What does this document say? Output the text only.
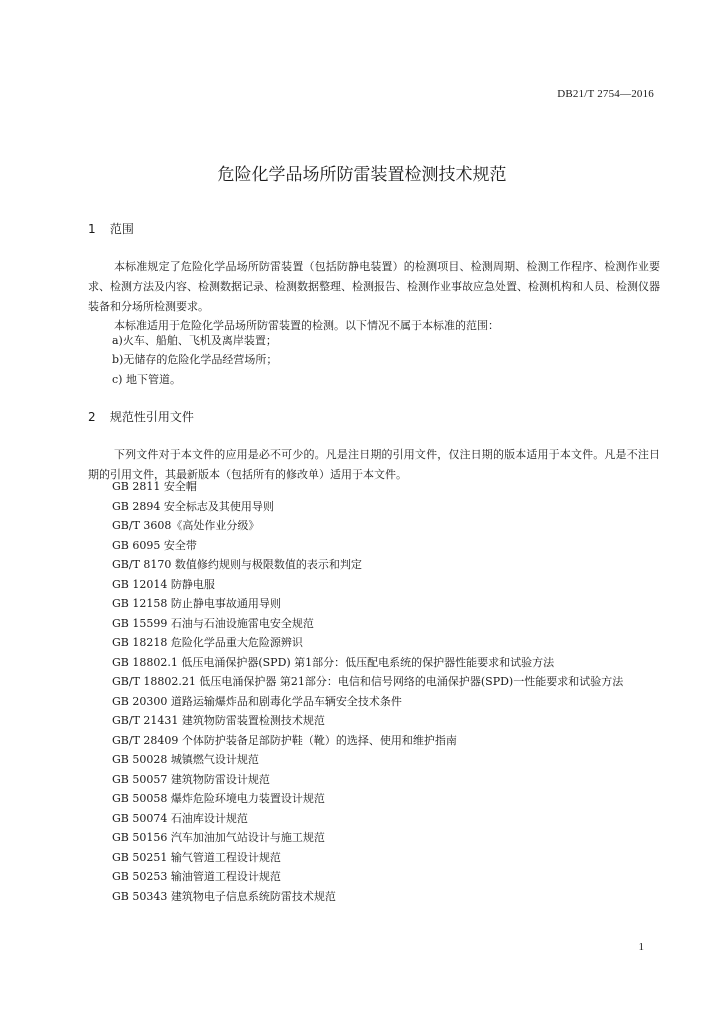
DB21/T 2754—2016
危险化学品场所防雷装置检测技术规范
1 范围
本标准规定了危险化学品场所防雷装置（包括防静电装置）的检测项目、检测周期、检测工作程序、检测作业要求、检测方法及内容、检测数据记录、检测数据整理、检测报告、检测作业事故应急处置、检测机构和人员、检测仪器装备和分场所检测要求。
本标准适用于危险化学品场所防雷装置的检测。以下情况不属于本标准的范围：
a)火车、船舶、飞机及离岸装置；
b)无储存的危险化学品经营场所；
c) 地下管道。
2 规范性引用文件
下列文件对于本文件的应用是必不可少的。凡是注日期的引用文件，仅注日期的版本适用于本文件。凡是不注日期的引用文件，其最新版本（包括所有的修改单）适用于本文件。
GB 2811 安全帽
GB 2894 安全标志及其使用导则
GB/T 3608《高处作业分级》
GB 6095 安全带
GB/T 8170 数值修约规则与极限数值的表示和判定
GB 12014 防静电服
GB 12158 防止静电事故通用导则
GB 15599 石油与石油设施雷电安全规范
GB 18218 危险化学品重大危险源辨识
GB 18802.1 低压电涌保护器(SPD) 第1部分：低压配电系统的保护器性能要求和试验方法
GB/T 18802.21 低压电涌保护器 第21部分：电信和信号网络的电涌保护器(SPD)一性能要求和试验方法
GB 20300 道路运输爆炸品和剧毒化学品车辆安全技术条件
GB/T 21431 建筑物防雷装置检测技术规范
GB/T 28409 个体防护装备足部防护鞋（靴）的选择、使用和维护指南
GB 50028 城镇燃气设计规范
GB 50057 建筑物防雷设计规范
GB 50058 爆炸危险环境电力装置设计规范
GB 50074 石油库设计规范
GB 50156 汽车加油加气站设计与施工规范
GB 50251 输气管道工程设计规范
GB 50253 输油管道工程设计规范
GB 50343 建筑物电子信息系统防雷技术规范
1
